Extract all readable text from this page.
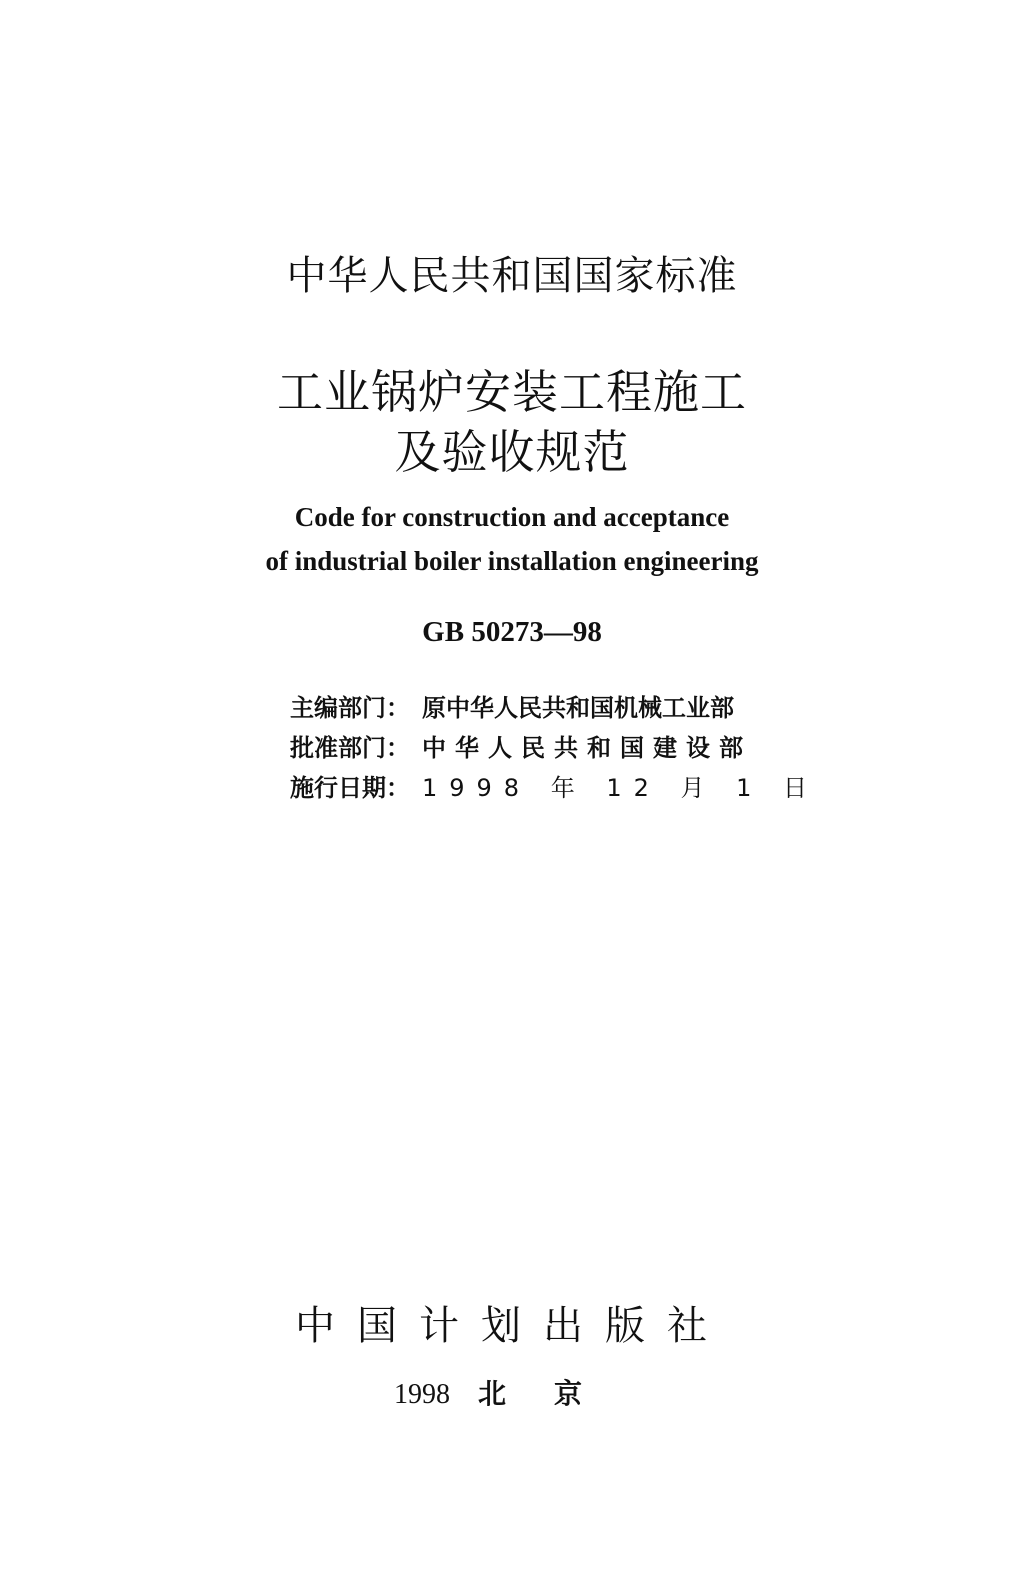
中华人民共和国国家标准
工业锅炉安装工程施工
及验收规范
Code for construction and acceptance
of industrial boiler installation engineering
GB 50273—98
主编部门： 原中华人民共和国机械工业部
批准部门： 中华人民共和国建设部
施行日期： 1998 年 12 月 1 日
中国计划出版社
1998 北京
